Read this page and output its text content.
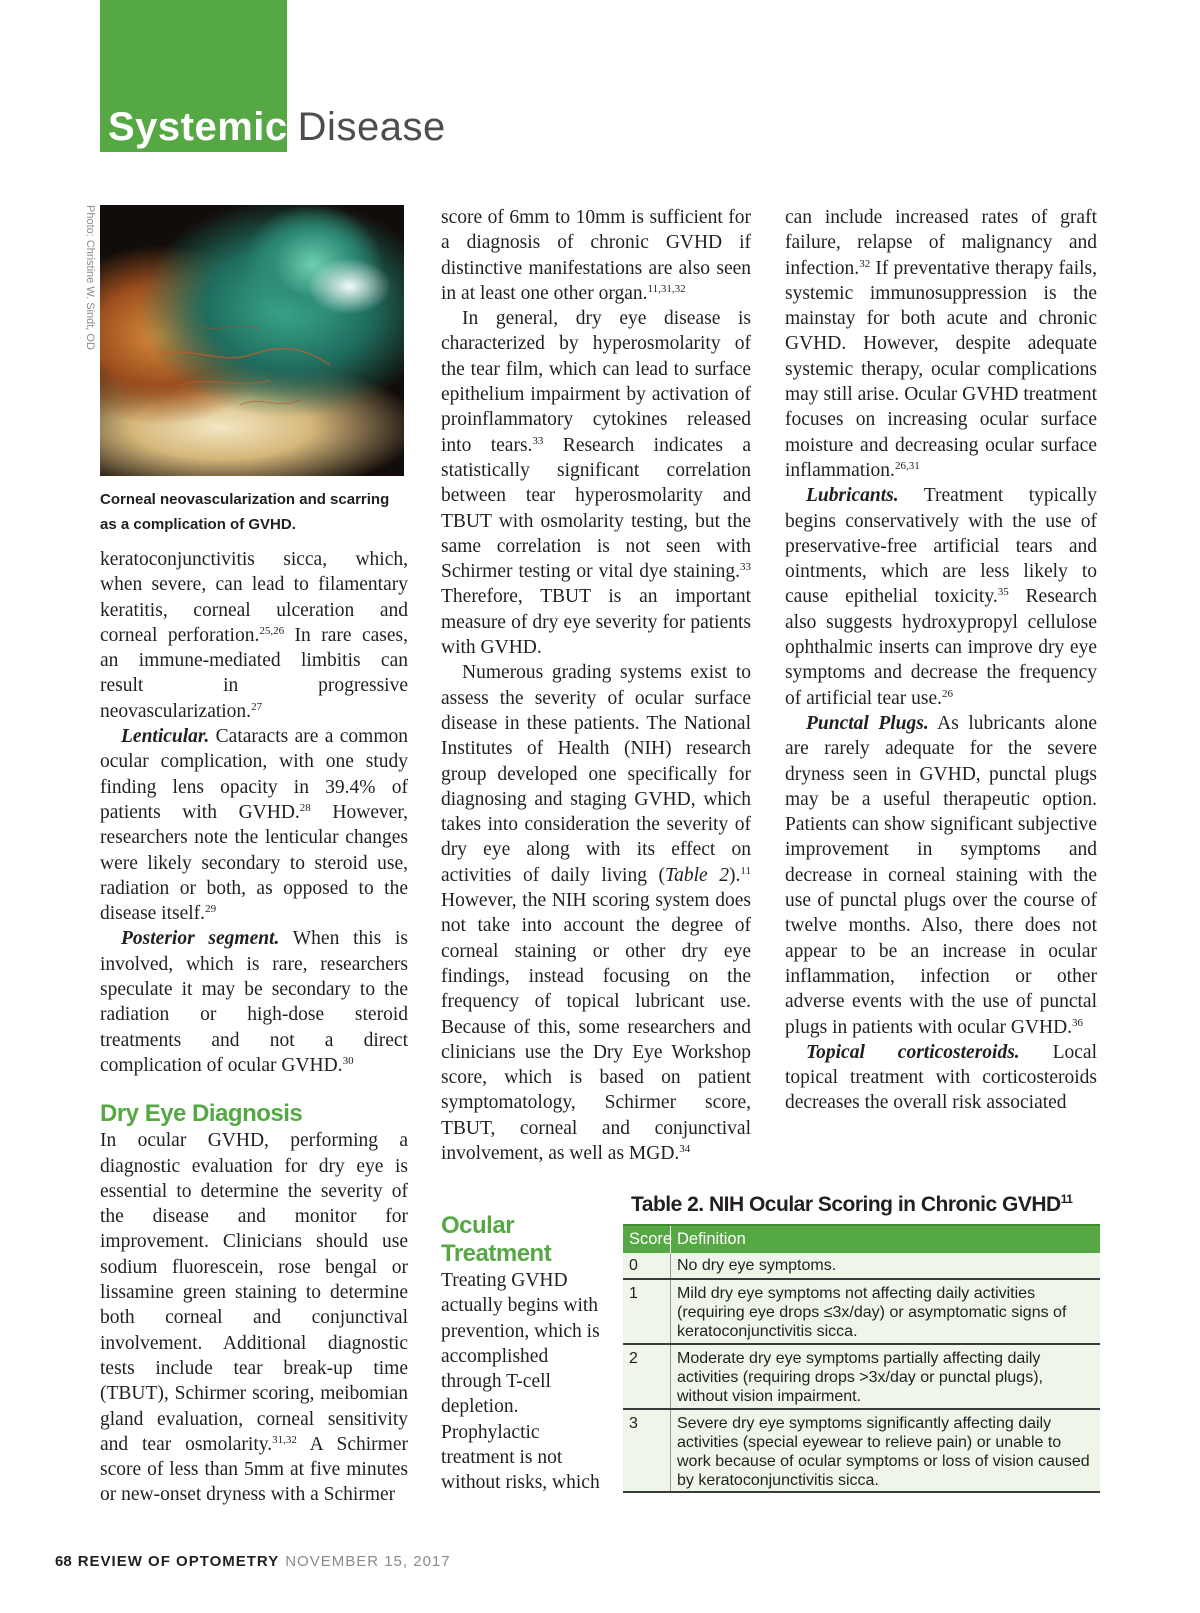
Systemic Disease
Photo: Christine W. Sindt, OD
Corneal neovascularization and scarring as a complication of GVHD.

keratoconjunctivitis sicca, which, when severe, can lead to filamentary keratitis, corneal ulceration and corneal perforation.$^{25,26}$ In rare cases, an immune-mediated limbitis can result in progressive neovascularization.$^{27}$

Lenticular. Cataracts are a common ocular complication, with one study finding lens opacity in 39.4% of patients with GVHD.$^{28}$ However, researchers note the lenticular changes were likely secondary to steroid use, radiation or both, as opposed to the disease itself.$^{29}$

Posterior segment. When this is involved, which is rare, researchers speculate it may be secondary to the radiation or high-dose steroid treatments and not a direct complication of ocular GVHD.$^{30}$

Dry Eye Diagnosis

In ocular GVHD, performing a diagnostic evaluation for dry eye is essential to determine the severity of the disease and monitor for improvement. Clinicians should use sodium fluorescein, rose bengal or lissamine green staining to determine both corneal and conjunctival involvement. Additional diagnostic tests include tear break-up time (TBUT), Schirmer scoring, meibomian gland evaluation, corneal sensitivity and tear osmolarity.$^{31,32}$ A Schirmer score of less than 5mm at five minutes or new-onset dryness with a Schirmer

score of 6mm to 10mm is sufficient for a diagnosis of chronic GVHD if distinctive manifestations are also seen in at least one other organ.$^{11,31,32}$

In general, dry eye disease is characterized by hyperosmolarity of the tear film, which can lead to surface epithelium impairment by activation of proinflammatory cytokines released into tears.$^{33}$ Research indicates a statistically significant correlation between tear hyperosmolarity and TBUT with osmolarity testing, but the same correlation is not seen with Schirmer testing or vital dye staining.$^{33}$ Therefore, TBUT is an important measure of dry eye severity for patients with GVHD.

Numerous grading systems exist to assess the severity of ocular surface disease in these patients. The National Institutes of Health (NIH) research group developed one specifically for diagnosing and staging GVHD, which takes into consideration the severity of dry eye along with its effect on activities of daily living (Table 2).$^{11}$ However, the NIH scoring system does not take into account the degree of corneal staining or other dry eye findings, instead focusing on the frequency of topical lubricant use. Because of this, some researchers and clinicians use the Dry Eye Workshop score, which is based on patient symptomatology, Schirmer score, TBUT, corneal and conjunctival involvement, as well as MGD.$^{34}$

Ocular
Treatment

Treating GVHD actually begins with prevention, which is accomplished through T-cell depletion. Prophylactic treatment is not without risks, which

can include increased rates of graft failure, relapse of malignancy and infection.$^{32}$ If preventative therapy fails, systemic immunosuppression is the mainstay for both acute and chronic GVHD. However, despite adequate systemic therapy, ocular complications may still arise. Ocular GVHD treatment focuses on increasing ocular surface moisture and decreasing ocular surface inflammation.$^{26,31}$

Lubricants. Treatment typically begins conservatively with the use of preservative-free artificial tears and ointments, which are less likely to cause epithelial toxicity.$^{35}$ Research also suggests hydroxypropyl cellulose ophthalmic inserts can improve dry eye symptoms and decrease the frequency of artificial tear use.$^{26}$

Punctal Plugs. As lubricants alone are rarely adequate for the severe dryness seen in GVHD, punctal plugs may be a useful therapeutic option. Patients can show significant subjective improvement in symptoms and decrease in corneal staining with the use of punctal plugs over the course of twelve months. Also, there does not appear to be an increase in ocular inflammation, infection or other adverse events with the use of punctal plugs in patients with ocular GVHD.$^{36}$

Topical corticosteroids. Local topical treatment with corticosteroids decreases the overall risk associated

Table 2. NIH Ocular Scoring in Chronic GVHD$^{11}$
Score Definition
0	No dry eye symptoms.
1	Mild dry eye symptoms not affecting daily activities (requiring eye drops ≤3x/day) or asymptomatic signs of keratoconjunctivitis sicca.
2	Moderate dry eye symptoms partially affecting daily activities (requiring drops >3x/day or punctal plugs), without vision impairment.
3	Severe dry eye symptoms significantly affecting daily activities (special eyewear to relieve pain) or unable to work because of ocular symptoms or loss of vision caused by keratoconjunctivitis sicca.
68 REVIEW OF OPTOMETRY NOVEMBER 15, 2017
